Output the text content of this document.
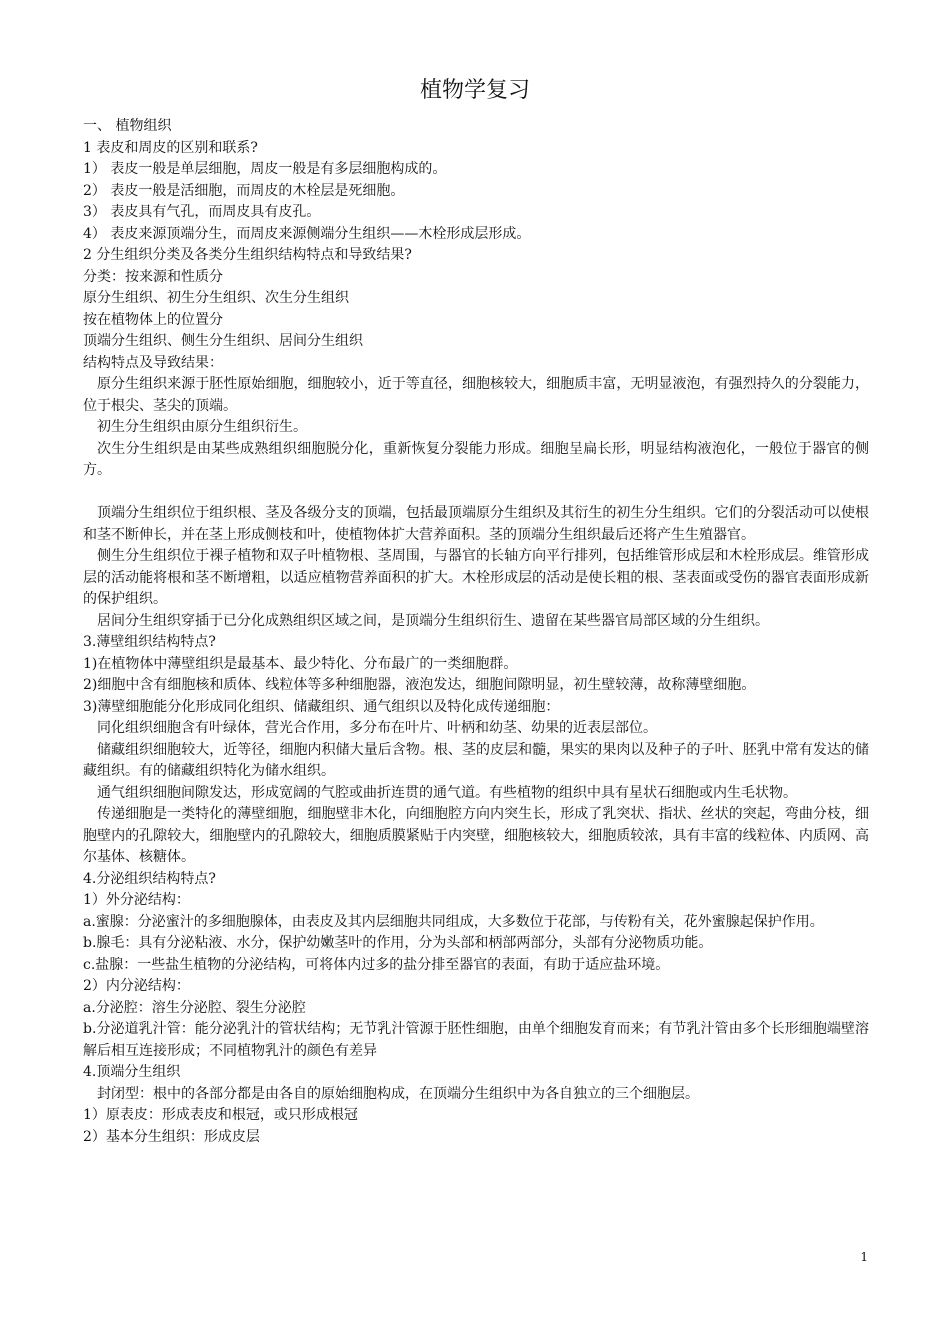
植物学复习

一、 植物组织

1 表皮和周皮的区别和联系?

1） 表皮一般是单层细胞，周皮一般是有多层细胞构成的。

2） 表皮一般是活细胞，而周皮的木栓层是死细胞。

3） 表皮具有气孔，而周皮具有皮孔。

4） 表皮来源顶端分生，而周皮来源侧端分生组织——木栓形成层形成。

2 分生组织分类及各类分生组织结构特点和导致结果?

分类：按来源和性质分

原分生组织、初生分生组织、次生分生组织

按在植物体上的位置分

顶端分生组织、侧生分生组织、居间分生组织

结构特点及导致结果：

原分生组织来源于胚性原始细胞，细胞较小，近于等直径，细胞核较大，细胞质丰富，无明显液泡，有强烈持久的分裂能力，位于根尖、茎尖的顶端。

初生分生组织由原分生组织衍生。

次生分生组织是由某些成熟组织细胞脱分化，重新恢复分裂能力形成。细胞呈扁长形，明显结构液泡化，一般位于器官的侧方。

顶端分生组织位于组织根、茎及各级分支的顶端，包括最顶端原分生组织及其衍生的初生分生组织。它们的分裂活动可以使根和茎不断伸长，并在茎上形成侧枝和叶，使植物体扩大营养面积。茎的顶端分生组织最后还将产生生殖器官。

侧生分生组织位于裸子植物和双子叶植物根、茎周围，与器官的长轴方向平行排列，包括维管形成层和木栓形成层。维管形成层的活动能将根和茎不断增粗，以适应植物营养面积的扩大。木栓形成层的活动是使长粗的根、茎表面或受伤的器官表面形成新的保护组织。

居间分生组织穿插于已分化成熟组织区域之间，是顶端分生组织衍生、遗留在某些器官局部区域的分生组织。

3.薄壁组织结构特点?

1)在植物体中薄壁组织是最基本、最少特化、分布最广的一类细胞群。

2)细胞中含有细胞核和质体、线粒体等多种细胞器，液泡发达，细胞间隙明显，初生壁较薄，故称薄壁细胞。

3)薄壁细胞能分化形成同化组织、储藏组织、通气组织以及特化成传递细胞：

同化组织细胞含有叶绿体，营光合作用，多分布在叶片、叶柄和幼茎、幼果的近表层部位。

储藏组织细胞较大，近等径，细胞内积储大量后含物。根、茎的皮层和髓，果实的果肉以及种子的子叶、胚乳中常有发达的储藏组织。有的储藏组织特化为储水组织。

通气组织细胞间隙发达，形成宽阔的气腔或曲折连贯的通气道。有些植物的组织中具有星状石细胞或内生毛状物。

传递细胞是一类特化的薄壁细胞，细胞壁非木化，向细胞腔方向内突生长，形成了乳突状、指状、丝状的突起，弯曲分枝，细胞壁内的孔隙较大，细胞壁内的孔隙较大，细胞质膜紧贴于内突壁，细胞核较大，细胞质较浓，具有丰富的线粒体、内质网、高尔基体、核糖体。

4.分泌组织结构特点?

1）外分泌结构：

a.蜜腺：分泌蜜汁的多细胞腺体，由表皮及其内层细胞共同组成，大多数位于花部，与传粉有关，花外蜜腺起保护作用。

b.腺毛：具有分泌粘液、水分，保护幼嫩茎叶的作用，分为头部和柄部两部分，头部有分泌物质功能。

c.盐腺：一些盐生植物的分泌结构，可将体内过多的盐分排至器官的表面，有助于适应盐环境。

2）内分泌结构：

a.分泌腔：溶生分泌腔、裂生分泌腔

b.分泌道乳汁管：能分泌乳汁的管状结构；无节乳汁管源于胚性细胞，由单个细胞发育而来；有节乳汁管由多个长形细胞端壁溶解后相互连接形成；不同植物乳汁的颜色有差异

4.顶端分生组织

封闭型：根中的各部分都是由各自的原始细胞构成，在顶端分生组织中为各自独立的三个细胞层。

1）原表皮：形成表皮和根冠，或只形成根冠

2）基本分生组织：形成皮层

1
